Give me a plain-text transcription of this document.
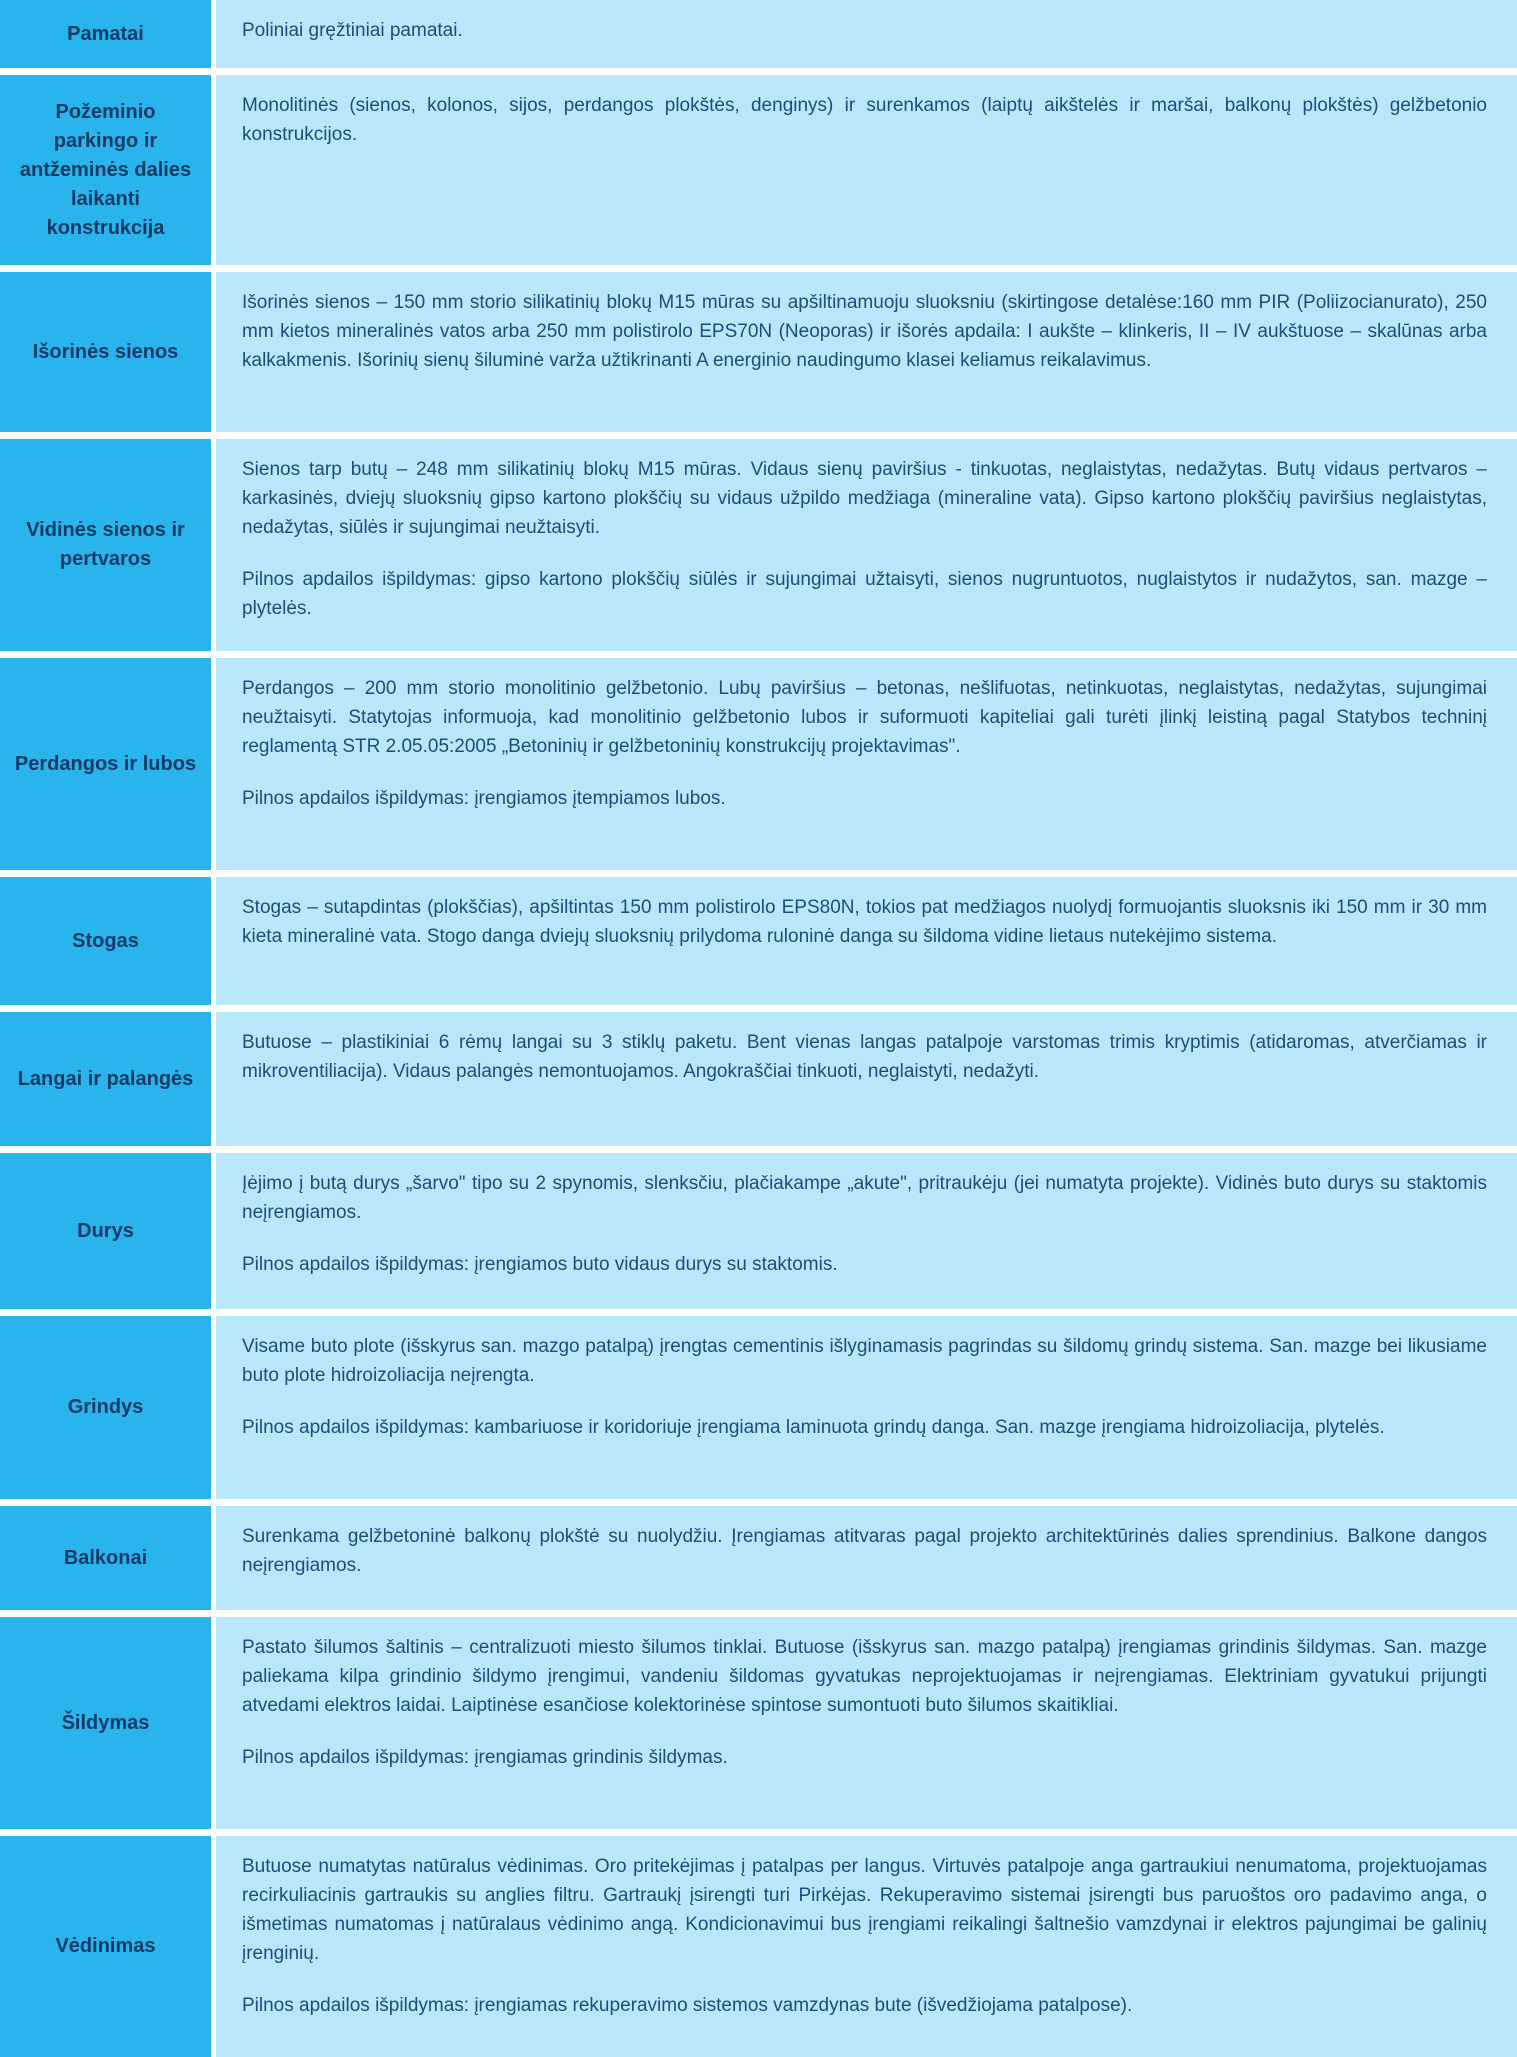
Pamatai	Poliniai gręžtiniai pamatai.

Požeminio parkingo ir antžeminės dalies laikanti konstrukcija

Monolitinės (sienos, kolonos, sijos, perdangos plokštės, denginys) ir surenkamos (laiptų aikštelės ir maršai, balkonų plokštės) gelžbetonio konstrukcijos.

Išorinės sienos

Išorinės sienos – 150 mm storio silikatinių blokų M15 mūras su apšiltinamuoju sluoksniu (skirtingose detalėse:160 mm PIR (Poliizocianurato), 250 mm kietos mineralinės vatos arba 250 mm polistirolo EPS70N (Neoporas) ir išorės apdaila: I aukšte – klinkeris, II – IV aukštuose – skalūnas arba kalkakmenis. Išorinių sienų šiluminė varža užtikrinanti A energinio naudingumo klasei keliamus reikalavimus.

Vidinės sienos ir pertvaros

Sienos tarp butų – 248 mm silikatinių blokų M15 mūras. Vidaus sienų paviršius - tinkuotas, neglaistytas, nedažytas. Butų vidaus pertvaros – karkasinės, dviejų sluoksnių gipso kartono plokščių su vidaus užpildo medžiaga (mineraline vata). Gipso kartono plokščių paviršius neglaistytas, nedažytas, siūlės ir sujungimai neužtaisyti.

Pilnos apdailos išpildymas: gipso kartono plokščių siūlės ir sujungimai užtaisyti, sienos nugruntuotos, nuglaistytos ir nudažytos, san. mazge – plytelės.

Perdangos ir lubos

Perdangos – 200 mm storio monolitinio gelžbetonio. Lubų paviršius – betonas, nešlifuotas, netinkuotas, neglaistytas, nedažytas, sujungimai neužtaisyti. Statytojas informuoja, kad monolitinio gelžbetonio lubos ir suformuoti kapiteliai gali turėti įlinkį leistiną pagal Statybos techninį reglamentą STR 2.05.05:2005 „Betoninių ir gelžbetoninių konstrukcijų projektavimas".

Pilnos apdailos išpildymas: įrengiamos įtempiamos lubos.

Stogas

Stogas – sutapdintas (plokščias), apšiltintas 150 mm polistirolo EPS80N, tokios pat medžiagos nuolydį formuojantis sluoksnis iki 150 mm ir 30 mm kieta mineralinė vata. Stogo danga dviejų sluoksnių prilydoma ruloninė danga su šildoma vidine lietaus nutekėjimo sistema.

Langai ir palangės

Butuose – plastikiniai 6 rėmų langai su 3 stiklų paketu. Bent vienas langas patalpoje varstomas trimis kryptimis (atidaromas, atverčiamas ir mikroventiliacija). Vidaus palangės nemontuojamos. Angokraščiai tinkuoti, neglaistyti, nedažyti.

Durys

Įėjimo į butą durys „šarvo" tipo su 2 spynomis, slenksčiu, plačiakampe „akute", pritraukėju (jei numatyta projekte). Vidinės buto durys su staktomis neįrengiamos.

Pilnos apdailos išpildymas: įrengiamos buto vidaus durys su staktomis.

Grindys

Visame buto plote (išskyrus san. mazgo patalpą) įrengtas cementinis išlyginamasis pagrindas su šildomų grindų sistema. San. mazge bei likusiame buto plote hidroizoliacija neįrengta.

Pilnos apdailos išpildymas: kambariuose ir koridoriuje įrengiama laminuota grindų danga. San. mazge įrengiama hidroizoliacija, plytelės.

Balkonai

Surenkama gelžbetoninė balkonų plokštė su nuolydžiu. Įrengiamas atitvaras pagal projekto architektūrinės dalies sprendinius. Balkone dangos neįrengiamos.

Šildymas

Pastato šilumos šaltinis – centralizuoti miesto šilumos tinklai. Butuose (išskyrus san. mazgo patalpą) įrengiamas grindinis šildymas. San. mazge paliekama kilpa grindinio šildymo įrengimui, vandeniu šildomas gyvatukas neprojektuojamas ir neįrengiamas. Elektriniam gyvatukui prijungti atvedami elektros laidai. Laiptinėse esančiose kolektorinėse spintose sumontuoti buto šilumos skaitikliai.

Pilnos apdailos išpildymas: įrengiamas grindinis šildymas.

Vėdinimas

Butuose numatytas natūralus vėdinimas. Oro pritekėjimas į patalpas per langus. Virtuvės patalpoje anga gartraukiui nenumatoma, projektuojamas recirkuliacinis gartraukis su anglies filtru. Gartraukį įsirengti turi Pirkėjas. Rekuperavimo sistemai įsirengti bus paruoštos oro padavimo anga, o išmetimas numatomas į natūralaus vėdinimo angą. Kondicionavimui bus įrengiami reikalingi šaltnešio vamzdynai ir elektros pajungimai be galinių įrenginių.

Pilnos apdailos išpildymas: įrengiamas rekuperavimo sistemos vamzdynas bute (išvedžiojama patalpose).
